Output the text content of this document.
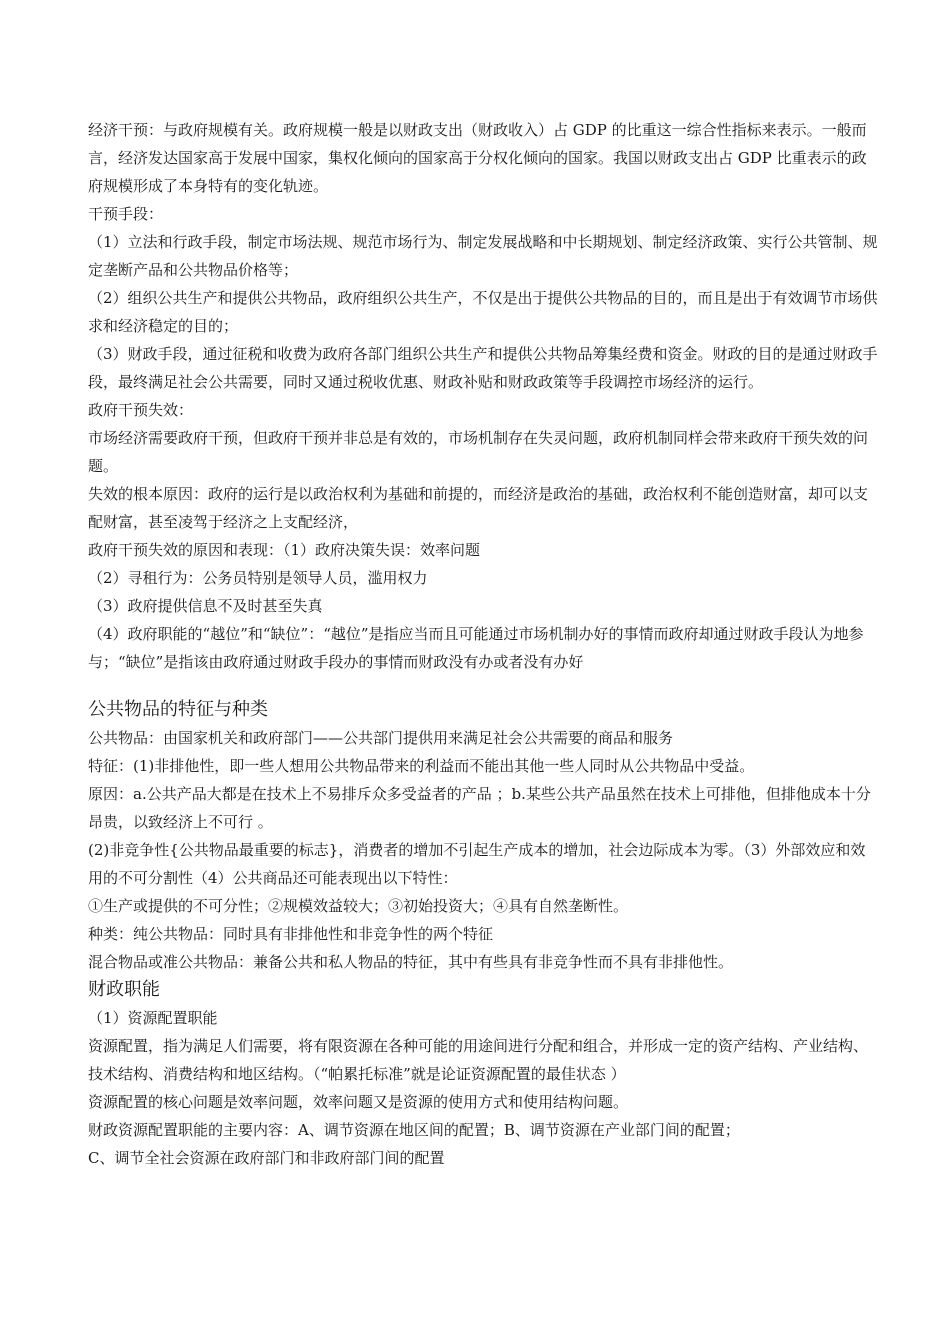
经济干预：与政府规模有关。政府规模一般是以财政支出（财政收入）占 GDP 的比重这一综合性指标来表示。一般而言，经济发达国家高于发展中国家，集权化倾向的国家高于分权化倾向的国家。我国以财政支出占 GDP 比重表示的政府规模形成了本身特有的变化轨迹。

干预手段：

（1）立法和行政手段，制定市场法规、规范市场行为、制定发展战略和中长期规划、制定经济政策、实行公共管制、规定垄断产品和公共物品价格等；

（2）组织公共生产和提供公共物品，政府组织公共生产，不仅是出于提供公共物品的目的，而且是出于有效调节市场供求和经济稳定的目的；

（3）财政手段，通过征税和收费为政府各部门组织公共生产和提供公共物品筹集经费和资金。财政的目的是通过财政手段，最终满足社会公共需要，同时又通过税收优惠、财政补贴和财政政策等手段调控市场经济的运行。

政府干预失效：

市场经济需要政府干预，但政府干预并非总是有效的，市场机制存在失灵问题，政府机制同样会带来政府干预失效的问题。

失效的根本原因：政府的运行是以政治权利为基础和前提的，而经济是政治的基础，政治权利不能创造财富，却可以支配财富，甚至凌驾于经济之上支配经济，

政府干预失效的原因和表现：（1）政府决策失误：效率问题

（2）寻租行为：公务员特别是领导人员，滥用权力

（3）政府提供信息不及时甚至失真

（4）政府职能的“越位”和“缺位”：“越位”是指应当而且可能通过市场机制办好的事情而政府却通过财政手段认为地参与；“缺位”是指该由政府通过财政手段办的事情而财政没有办或者没有办好

公共物品的特征与种类

公共物品：由国家机关和政府部门——公共部门提供用来满足社会公共需要的商品和服务

特征：(1)非排他性，即一些人想用公共物品带来的利益而不能出其他一些人同时从公共物品中受益。

原因：a.公共产品大都是在技术上不易排斥众多受益者的产品 ；b.某些公共产品虽然在技术上可排他，但排他成本十分昂贵，以致经济上不可行 。

(2)非竞争性{公共物品最重要的标志}，消费者的增加不引起生产成本的增加，社会边际成本为零。（3）外部效应和效用的不可分割性（4）公共商品还可能表现出以下特性：

①生产或提供的不可分性；②规模效益较大；③初始投资大；④具有自然垄断性。

种类：纯公共物品：同时具有非排他性和非竞争性的两个特征

混合物品或准公共物品：兼备公共和私人物品的特征，其中有些具有非竞争性而不具有非排他性。

财政职能

（1）资源配置职能

资源配置，指为满足人们需要，将有限资源在各种可能的用途间进行分配和组合，并形成一定的资产结构、产业结构、技术结构、消费结构和地区结构。（“帕累托标准”就是论证资源配置的最佳状态 ）

资源配置的核心问题是效率问题，效率问题又是资源的使用方式和使用结构问题。

财政资源配置职能的主要内容：A、调节资源在地区间的配置；B、调节资源在产业部门间的配置；

C、调节全社会资源在政府部门和非政府部门间的配置
